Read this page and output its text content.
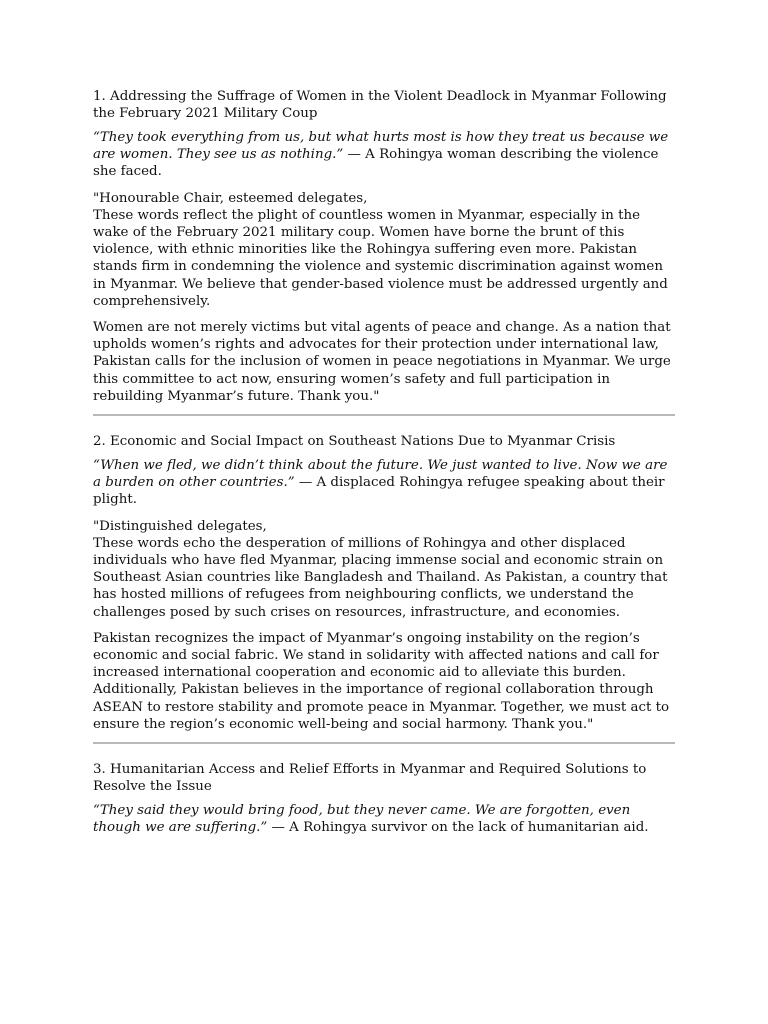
1. Addressing the Suffrage of Women in the Violent Deadlock in Myanmar Following the February 2021 Military Coup

“They took everything from us, but what hurts most is how they treat us because we are women. They see us as nothing.” — A Rohingya woman describing the violence she faced.

"Honourable Chair, esteemed delegates,
These words reflect the plight of countless women in Myanmar, especially in the wake of the February 2021 military coup. Women have borne the brunt of this violence, with ethnic minorities like the Rohingya suffering even more. Pakistan stands firm in condemning the violence and systemic discrimination against women in Myanmar. We believe that gender-based violence must be addressed urgently and comprehensively.

Women are not merely victims but vital agents of peace and change. As a nation that upholds women’s rights and advocates for their protection under international law, Pakistan calls for the inclusion of women in peace negotiations in Myanmar. We urge this committee to act now, ensuring women’s safety and full participation in rebuilding Myanmar’s future. Thank you."

2. Economic and Social Impact on Southeast Nations Due to Myanmar Crisis

“When we fled, we didn’t think about the future. We just wanted to live. Now we are a burden on other countries.” — A displaced Rohingya refugee speaking about their plight.

"Distinguished delegates,
These words echo the desperation of millions of Rohingya and other displaced individuals who have fled Myanmar, placing immense social and economic strain on Southeast Asian countries like Bangladesh and Thailand. As Pakistan, a country that has hosted millions of refugees from neighbouring conflicts, we understand the challenges posed by such crises on resources, infrastructure, and economies.

Pakistan recognizes the impact of Myanmar’s ongoing instability on the region’s economic and social fabric. We stand in solidarity with affected nations and call for increased international cooperation and economic aid to alleviate this burden. Additionally, Pakistan believes in the importance of regional collaboration through ASEAN to restore stability and promote peace in Myanmar. Together, we must act to ensure the region’s economic well-being and social harmony. Thank you."

3. Humanitarian Access and Relief Efforts in Myanmar and Required Solutions to Resolve the Issue

“They said they would bring food, but they never came. We are forgotten, even though we are suffering.” — A Rohingya survivor on the lack of humanitarian aid.
